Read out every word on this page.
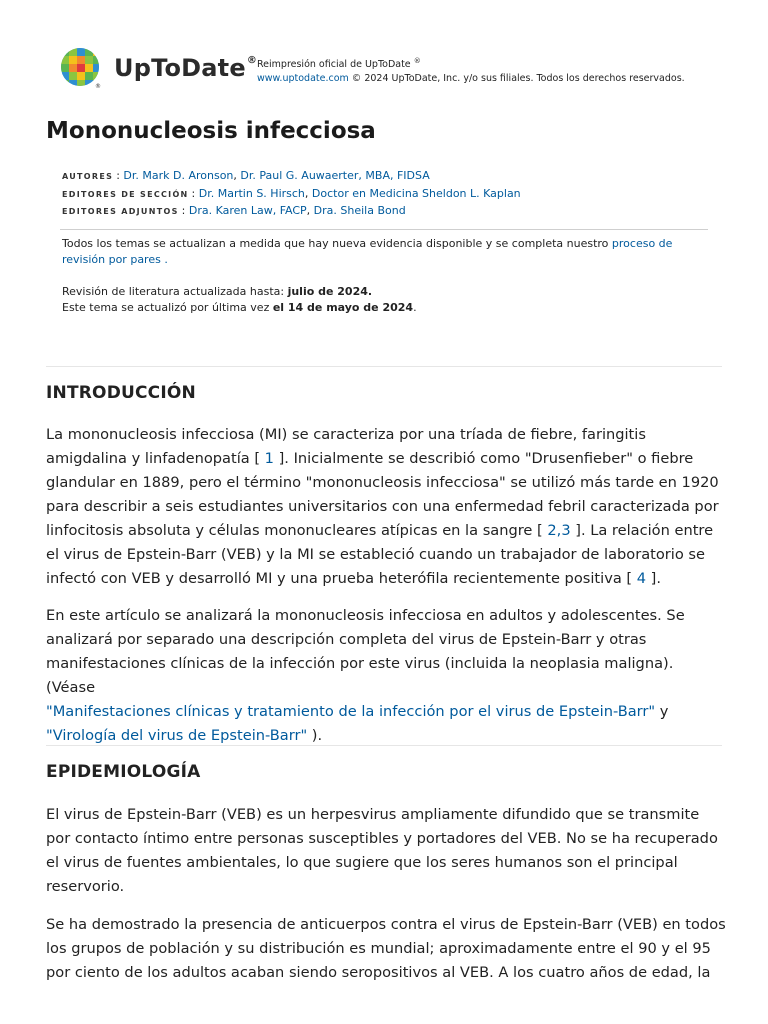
®
UpToDate® Reimpresión oficial de UpToDate ®
www.uptodate.com © 2024 UpToDate, Inc. y/o sus filiales. Todos los derechos reservados.
Mononucleosis infecciosa
AUTORES : Dr. Mark D. Aronson, Dr. Paul G. Auwaerter, MBA, FIDSA
EDITORES DE SECCIÓN : Dr. Martin S. Hirsch, Doctor en Medicina Sheldon L. Kaplan
EDITORES ADJUNTOS : Dra. Karen Law, FACP, Dra. Sheila Bond

Todos los temas se actualizan a medida que hay nueva evidencia disponible y se completa nuestro proceso de revisión por pares .

Revisión de literatura actualizada hasta: julio de 2024.

Este tema se actualizó por última vez el 14 de mayo de 2024.

INTRODUCCIÓN

La mononucleosis infecciosa (MI) se caracteriza por una tríada de fiebre, faringitis amigdalina y linfadenopatía [ 1 ]. Inicialmente se describió como "Drusenfieber" o fiebre glandular en 1889, pero el término "mononucleosis infecciosa" se utilizó más tarde en 1920 para describir a seis estudiantes universitarios con una enfermedad febril caracterizada por linfocitosis absoluta y células mononucleares atípicas en la sangre [ 2,3 ]. La relación entre el virus de Epstein-Barr (VEB) y la MI se estableció cuando un trabajador de laboratorio se infectó con VEB y desarrolló MI y una prueba heterófila recientemente positiva [ 4 ].

En este artículo se analizará la mononucleosis infecciosa en adultos y adolescentes. Se analizará por separado una descripción completa del virus de Epstein-Barr y otras manifestaciones clínicas de la infección por este virus (incluida la neoplasia maligna). (Véase
"Manifestaciones clínicas y tratamiento de la infección por el virus de Epstein-Barr" y
"Virología del virus de Epstein-Barr" ).

EPIDEMIOLOGÍA

El virus de Epstein-Barr (VEB) es un herpesvirus ampliamente difundido que se transmite por contacto íntimo entre personas susceptibles y portadores del VEB. No se ha recuperado el virus de fuentes ambientales, lo que sugiere que los seres humanos son el principal reservorio.

Se ha demostrado la presencia de anticuerpos contra el virus de Epstein-Barr (VEB) en todos los grupos de población y su distribución es mundial; aproximadamente entre el 90 y el 95 por ciento de los adultos acaban siendo seropositivos al VEB. A los cuatro años de edad, la
